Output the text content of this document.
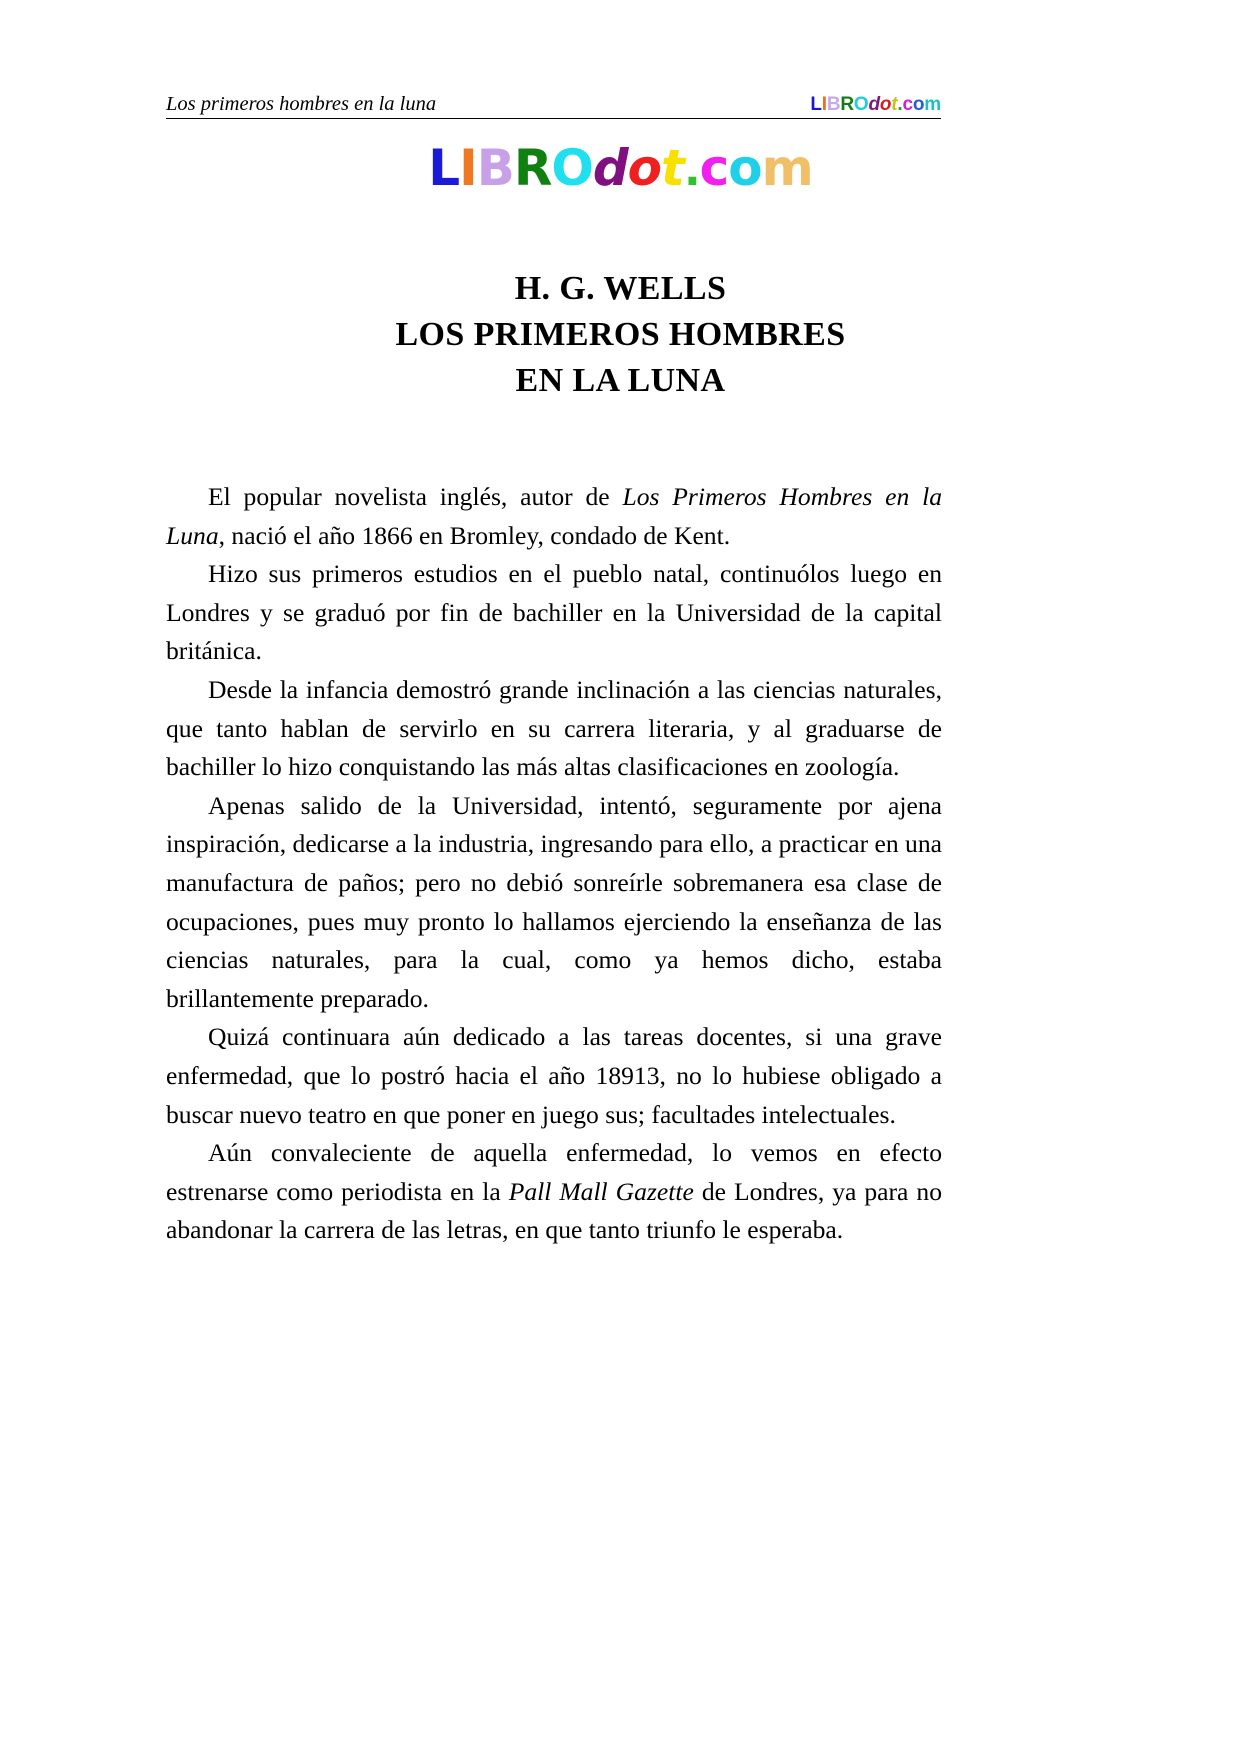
Los primeros hombres en la luna	LIBROdot.com
LIBROdot.com
H. G. WELLS
LOS PRIMEROS HOMBRES
EN LA LUNA

El popular novelista inglés, autor de Los Primeros Hombres en la Luna, nació el año 1866 en Bromley, condado de Kent.

Hizo sus primeros estudios en el pueblo natal, continuólos luego en Londres y se graduó por fin de bachiller en la Universidad de la capital británica.

Desde la infancia demostró grande inclinación a las ciencias naturales, que tanto hablan de servirlo en su carrera literaria, y al graduarse de bachiller lo hizo conquistando las más altas clasificaciones en zoología.

Apenas salido de la Universidad, intentó, seguramente por ajena inspiración, dedicarse a la industria, ingresando para ello, a practicar en una manufactura de paños; pero no debió sonreírle sobremanera esa clase de ocupaciones, pues muy pronto lo hallamos ejerciendo la enseñanza de las ciencias naturales, para la cual, como ya hemos dicho, estaba brillantemente preparado.

Quizá continuara aún dedicado a las tareas docentes, si una grave enfermedad, que lo postró hacia el año 18913, no lo hubiese obligado a buscar nuevo teatro en que poner en juego sus; facultades intelectuales.

Aún convaleciente de aquella enfermedad, lo vemos en efecto estrenarse como periodista en la Pall Mall Gazette de Londres, ya para no abandonar la carrera de las letras, en que tanto triunfo le esperaba.
